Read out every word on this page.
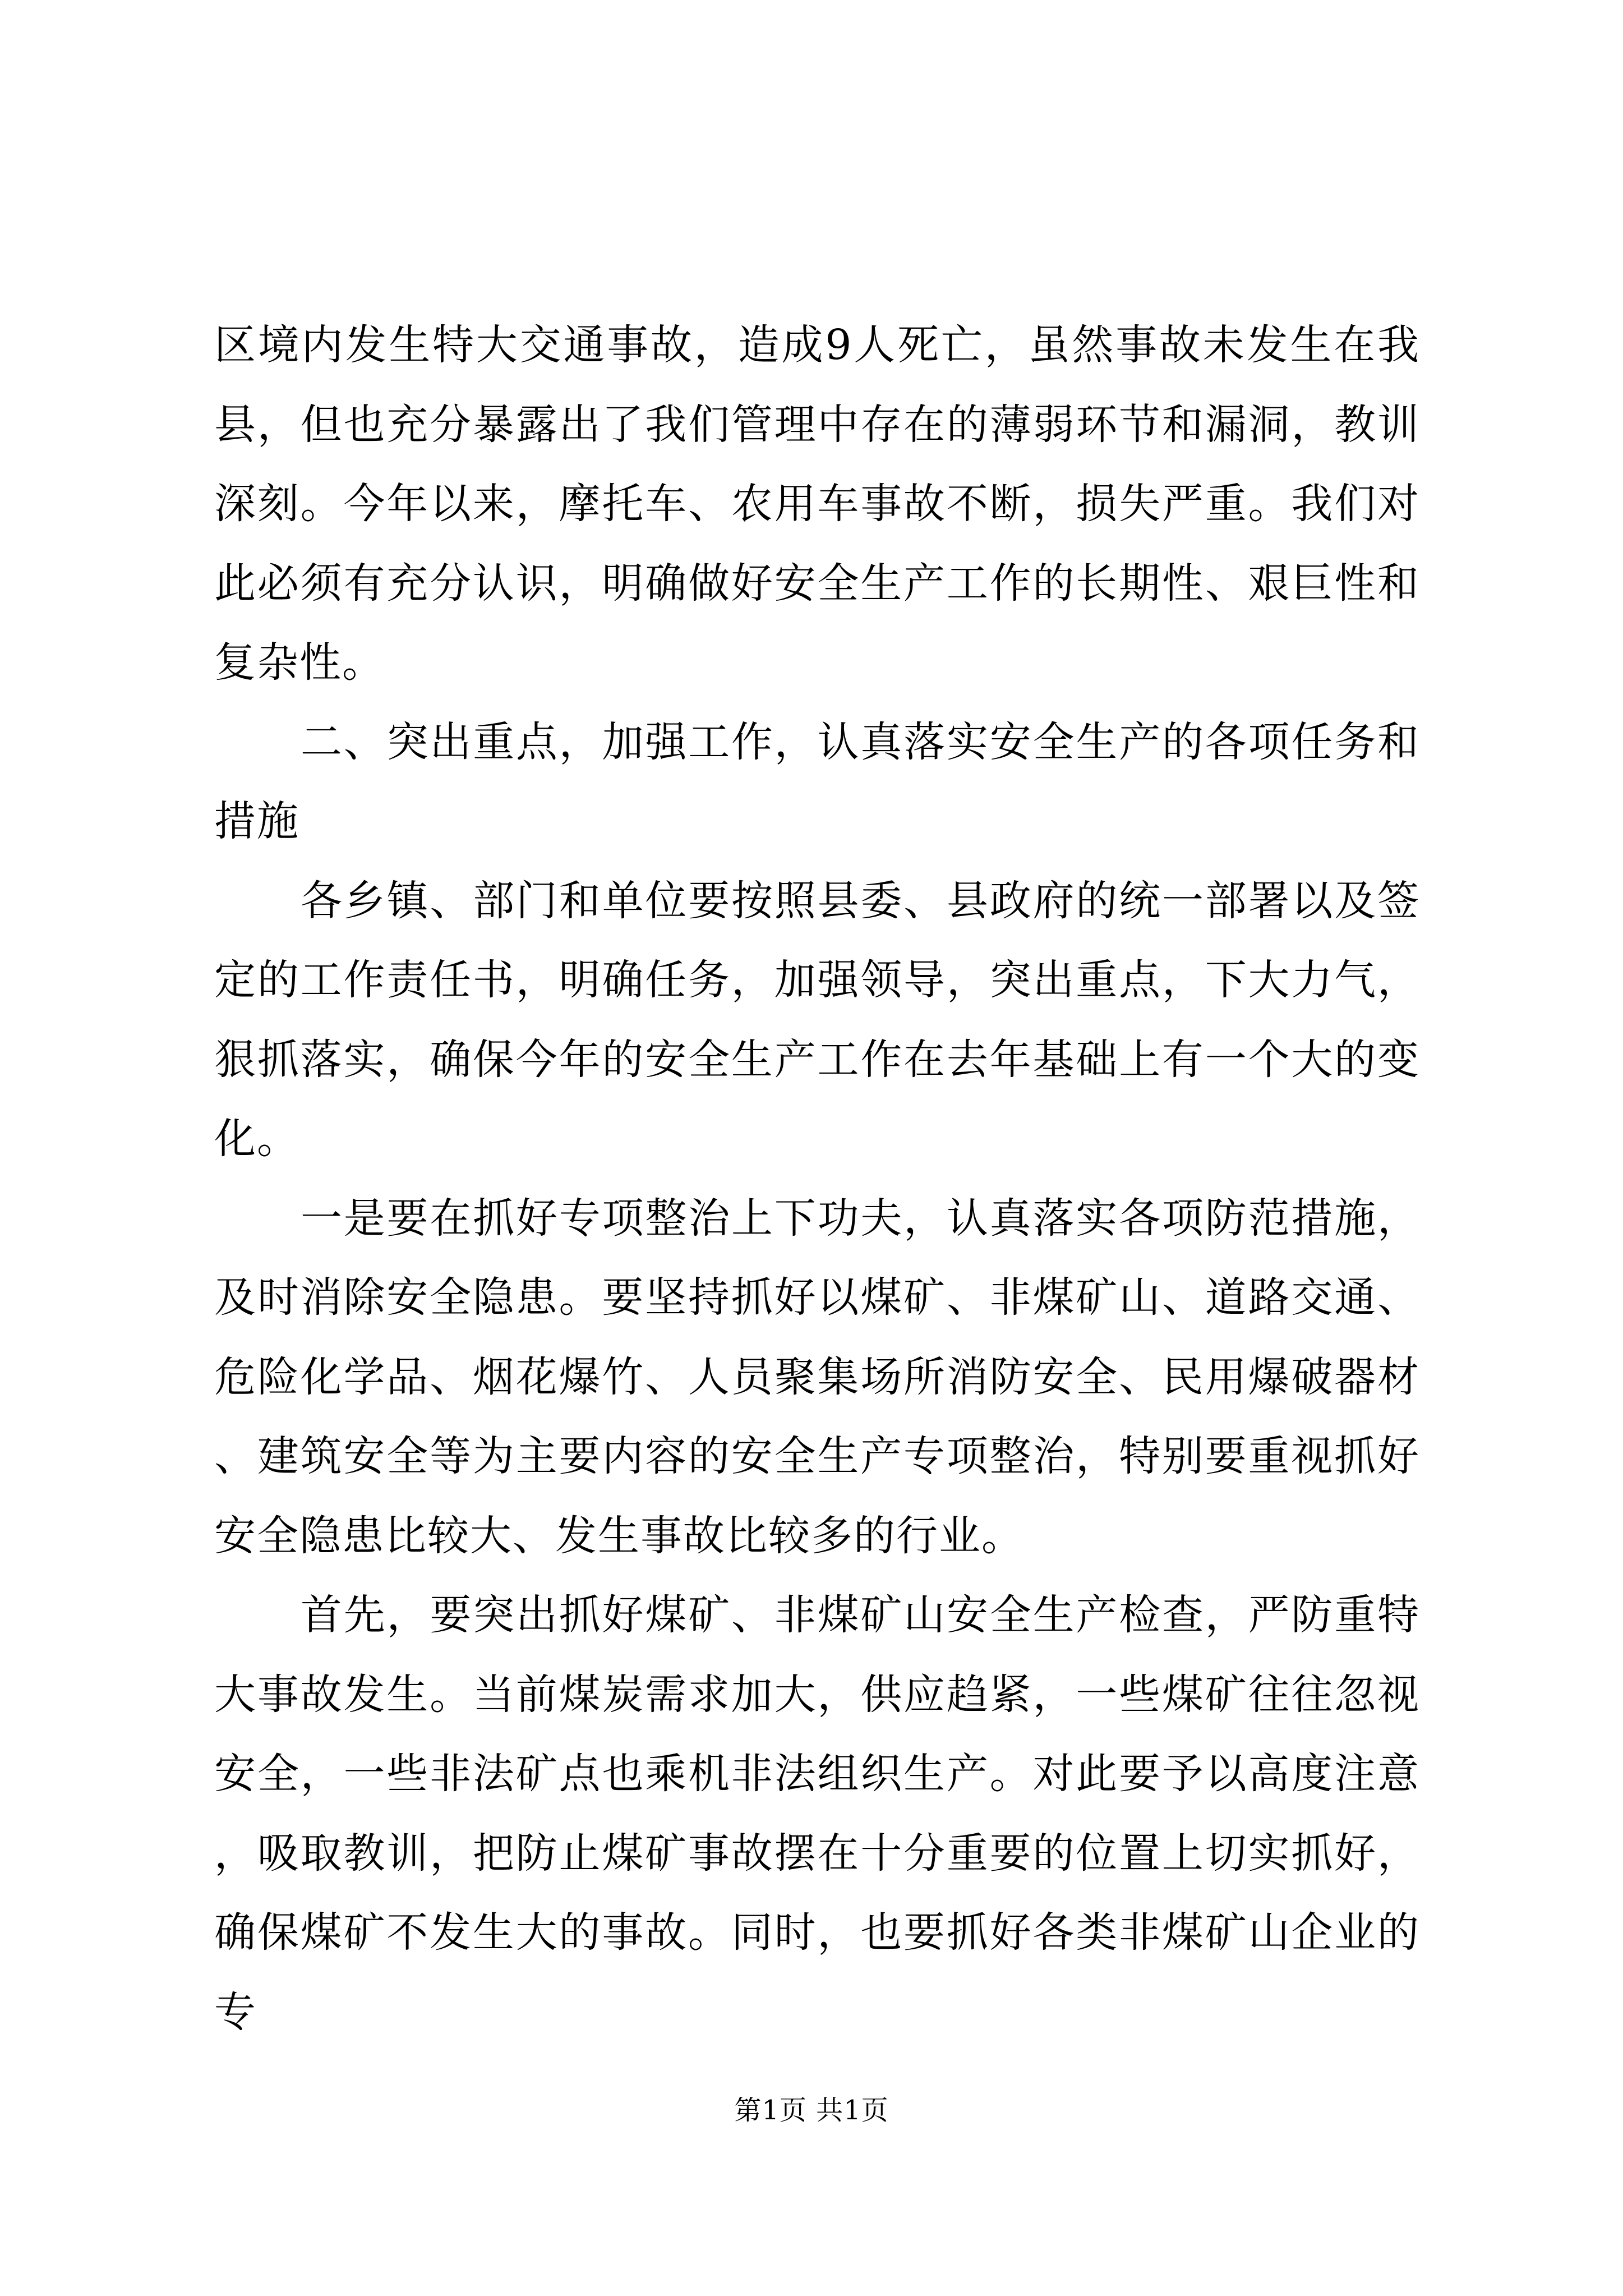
区境内发生特大交通事故，造成9人死亡，虽然事故未发生在我县，但也充分暴露出了我们管理中存在的薄弱环节和漏洞，教训深刻。今年以来，摩托车、农用车事故不断，损失严重。我们对此必须有充分认识，明确做好安全生产工作的长期性、艰巨性和复杂性。

二、突出重点，加强工作，认真落实安全生产的各项任务和措施

各乡镇、部门和单位要按照县委、县政府的统一部署以及签定的工作责任书，明确任务，加强领导，突出重点，下大力气，狠抓落实，确保今年的安全生产工作在去年基础上有一个大的变化。

一是要在抓好专项整治上下功夫，认真落实各项防范措施，及时消除安全隐患。要坚持抓好以煤矿、非煤矿山、道路交通、危险化学品、烟花爆竹、人员聚集场所消防安全、民用爆破器材、建筑安全等为主要内容的安全生产专项整治，特别要重视抓好安全隐患比较大、发生事故比较多的行业。

首先，要突出抓好煤矿、非煤矿山安全生产检查，严防重特大事故发生。当前煤炭需求加大，供应趋紧，一些煤矿往往忽视安全，一些非法矿点也乘机非法组织生产。对此要予以高度注意，吸取教训，把防止煤矿事故摆在十分重要的位置上切实抓好，确保煤矿不发生大的事故。同时，也要抓好各类非煤矿山企业的专

第1页 共1页
